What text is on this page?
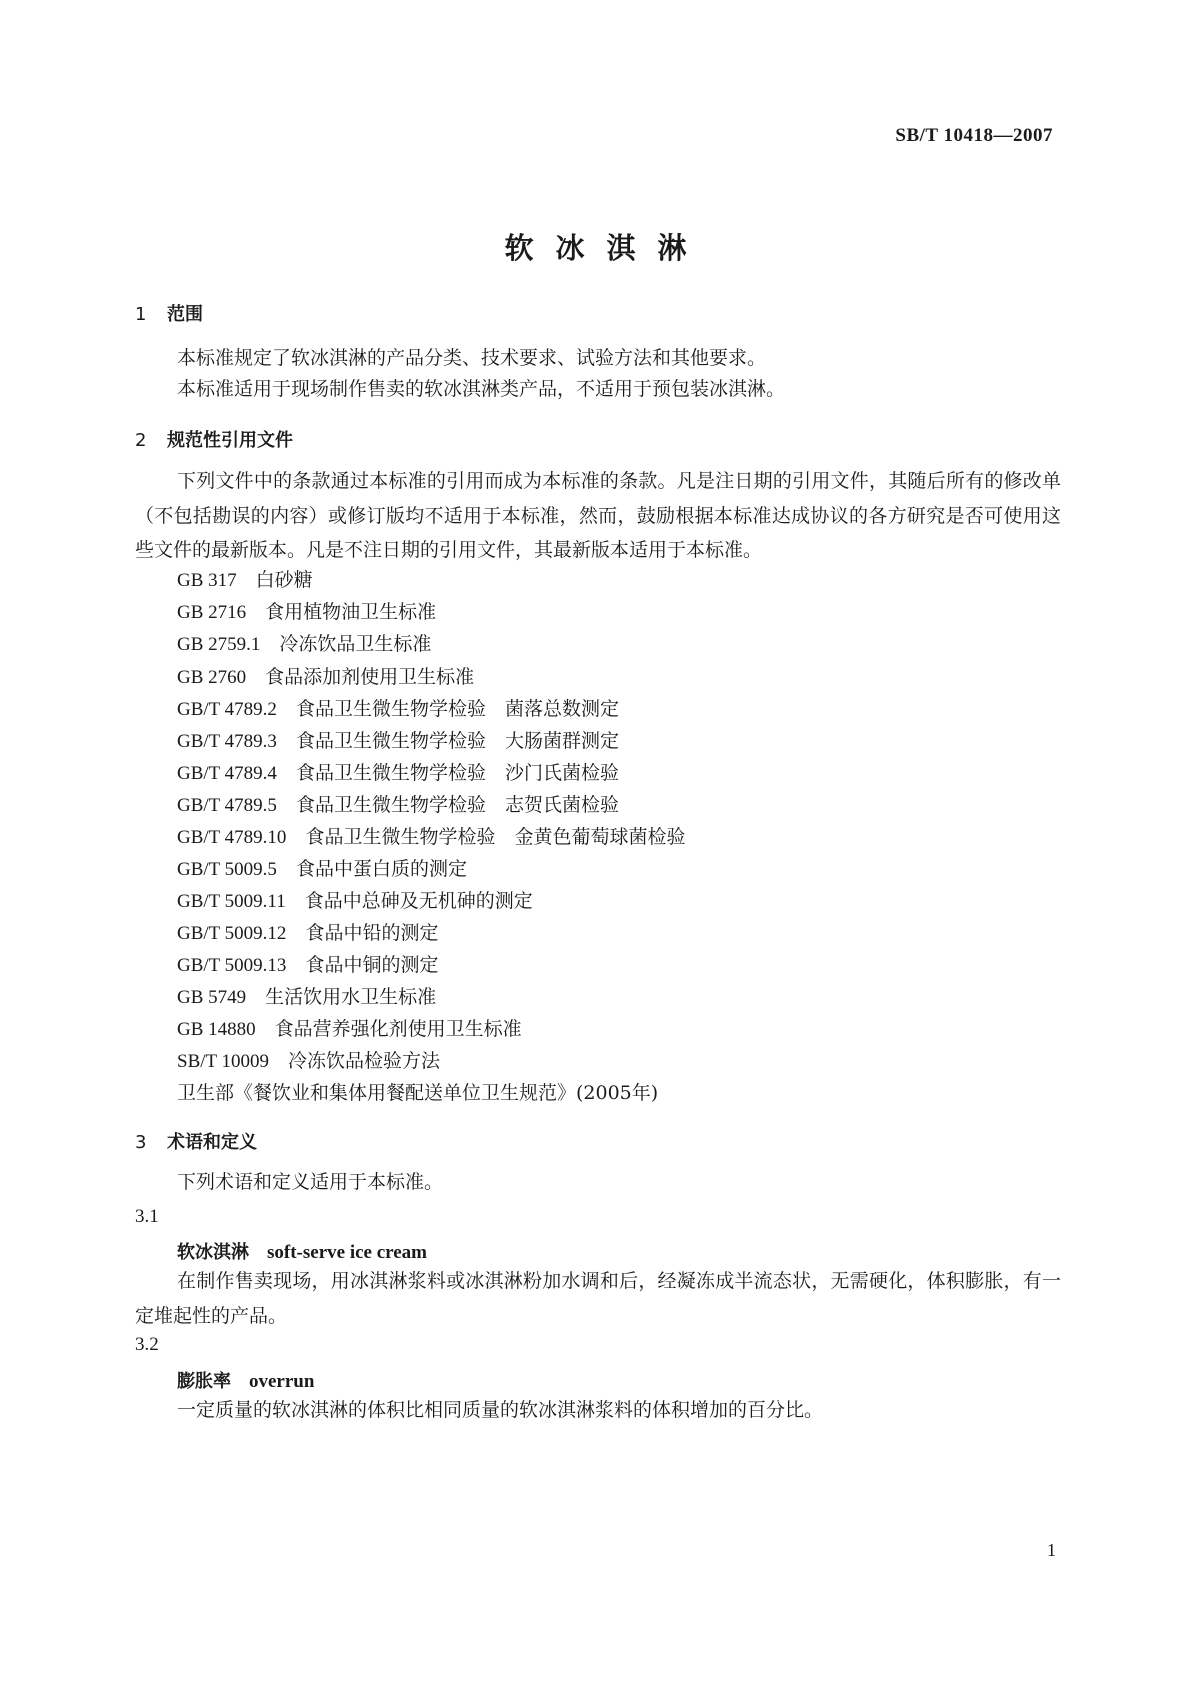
SB/T 10418—2007
软冰淇淋
1 范围

本标准规定了软冰淇淋的产品分类、技术要求、试验方法和其他要求。

本标准适用于现场制作售卖的软冰淇淋类产品，不适用于预包装冰淇淋。

2 规范性引用文件

下列文件中的条款通过本标准的引用而成为本标准的条款。凡是注日期的引用文件，其随后所有的修改单（不包括勘误的内容）或修订版均不适用于本标准，然而，鼓励根据本标准达成协议的各方研究是否可使用这些文件的最新版本。凡是不注日期的引用文件，其最新版本适用于本标准。

GB 317　 白砂糖
GB 2716　 食用植物油卫生标准
GB 2759.1　 冷冻饮品卫生标准
GB 2760　 食品添加剂使用卫生标准
GB/T 4789.2　 食品卫生微生物学检验　菌落总数测定
GB/T 4789.3　 食品卫生微生物学检验　大肠菌群测定
GB/T 4789.4　 食品卫生微生物学检验　沙门氏菌检验
GB/T 4789.5　 食品卫生微生物学检验　志贺氏菌检验
GB/T 4789.10　 食品卫生微生物学检验　金黄色葡萄球菌检验
GB/T 5009.5　 食品中蛋白质的测定
GB/T 5009.11　 食品中总砷及无机砷的测定
GB/T 5009.12　 食品中铅的测定
GB/T 5009.13　 食品中铜的测定
GB 5749　 生活饮用水卫生标准
GB 14880　 食品营养强化剂使用卫生标准
SB/T 10009　 冷冻饮品检验方法
卫生部《餐饮业和集体用餐配送单位卫生规范》(2005年)
3 术语和定义

下列术语和定义适用于本标准。

3.1
软冰淇淋 soft-serve ice cream

在制作售卖现场，用冰淇淋浆料或冰淇淋粉加水调和后，经凝冻成半流态状，无需硬化，体积膨胀，有一定堆起性的产品。

3.2
膨胀率 overrun

一定质量的软冰淇淋的体积比相同质量的软冰淇淋浆料的体积增加的百分比。

1
